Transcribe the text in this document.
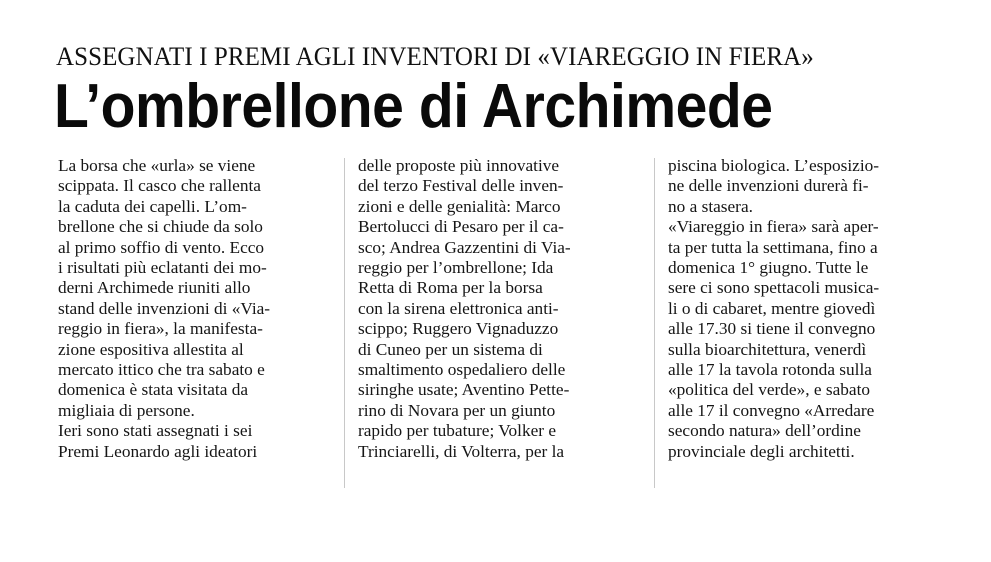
ASSEGNATI I PREMI AGLI INVENTORI DI «VIAREGGIO IN FIERA»
L’ombrellone di Archimede
La borsa che «urla» se viene
scippata. Il casco che rallenta
la caduta dei capelli. L’om-
brellone che si chiude da solo
al primo soffio di vento. Ecco
i risultati più eclatanti dei mo-
derni Archimede riuniti allo
stand delle invenzioni di «Via-
reggio in fiera», la manifesta-
zione espositiva allestita al
mercato ittico che tra sabato e
domenica è stata visitata da
migliaia di persone.
Ieri sono stati assegnati i sei
Premi Leonardo agli ideatori
delle proposte più innovative
del terzo Festival delle inven-
zioni e delle genialità: Marco
Bertolucci di Pesaro per il ca-
sco; Andrea Gazzentini di Via-
reggio per l’ombrellone; Ida
Retta di Roma per la borsa
con la sirena elettronica anti-
scippo; Ruggero Vignaduzzo
di Cuneo per un sistema di
smaltimento ospedaliero delle
siringhe usate; Aventino Pette-
rino di Novara per un giunto
rapido per tubature; Volker e
Trinciarelli, di Volterra, per la
piscina biologica. L’esposizio-
ne delle invenzioni durerà fi-
no a stasera.
«Viareggio in fiera» sarà aper-
ta per tutta la settimana, fino a
domenica 1° giugno. Tutte le
sere ci sono spettacoli musica-
li o di cabaret, mentre giovedì
alle 17.30 si tiene il convegno
sulla bioarchitettura, venerdì
alle 17 la tavola rotonda sulla
«politica del verde», e sabato
alle 17 il convegno «Arredare
secondo natura» dell’ordine
provinciale degli architetti.
